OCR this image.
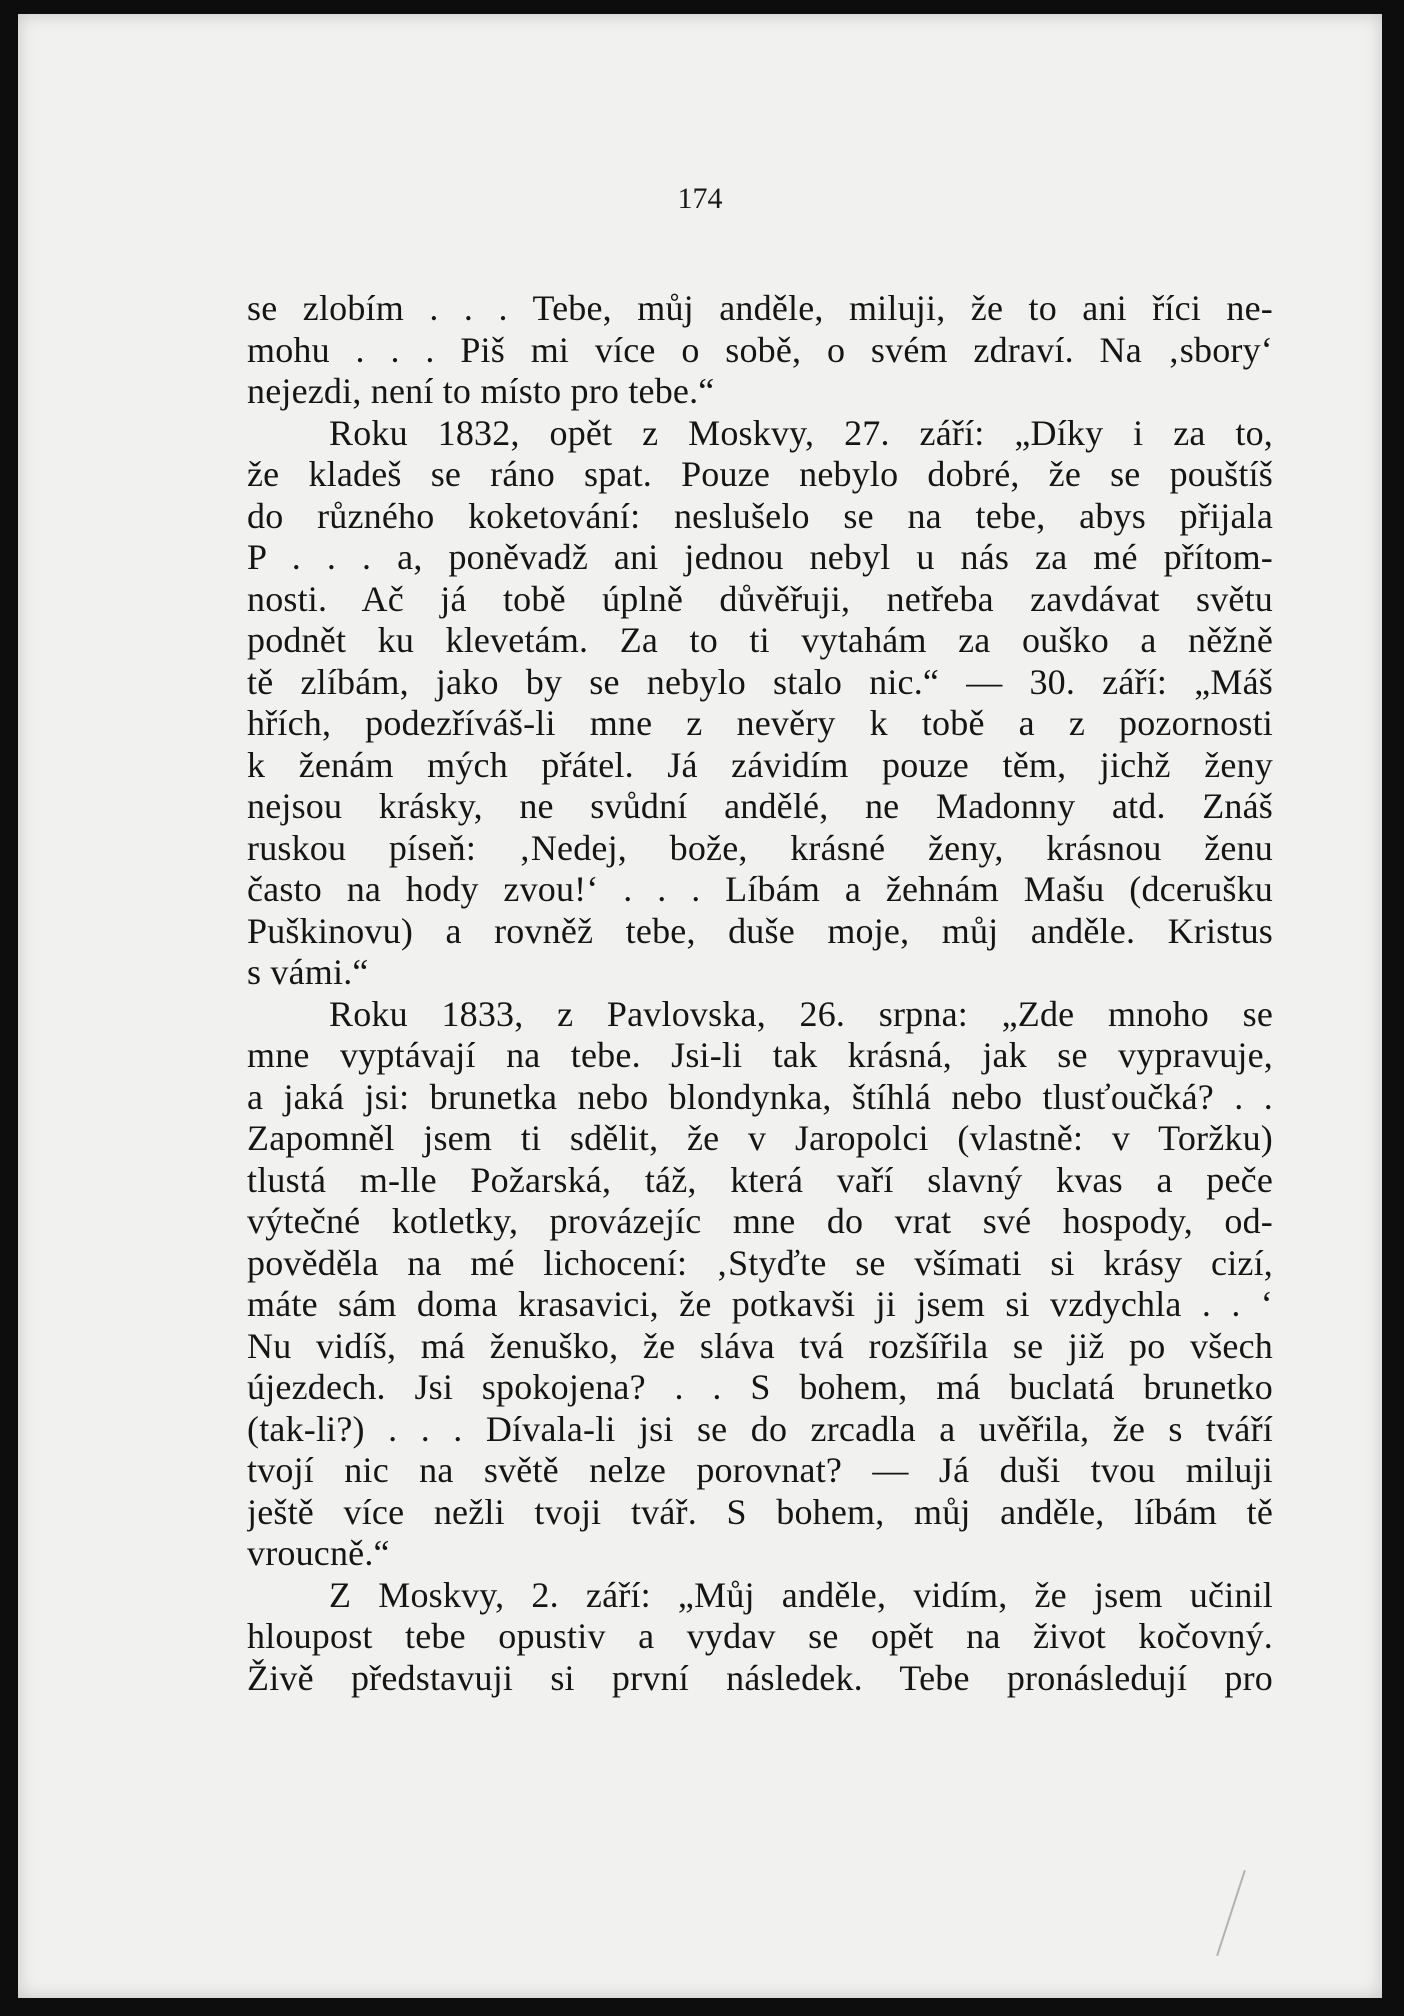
174
se zlobím . . . Tebe, můj anděle, miluji, že to ani říci ne-
mohu . . . Piš mi více o sobě, o svém zdraví. Na ‚sbory‘
nejezdi, není to místo pro tebe.“
Roku 1832, opět z Moskvy, 27. září: „Díky i za to,
že kladeš se ráno spat. Pouze nebylo dobré, že se pouštíš
do různého koketování: neslušelo se na tebe, abys přijala
P . . . a, poněvadž ani jednou nebyl u nás za mé přítom-
nosti. Ač já tobě úplně důvěřuji, netřeba zavdávat světu
podnět ku klevetám. Za to ti vytahám za ouško a něžně
tě zlíbám, jako by se nebylo stalo nic.“ — 30. září: „Máš
hřích, podezříváš-li mne z nevěry k tobě a z pozornosti
k ženám mých přátel. Já závidím pouze těm, jichž ženy
nejsou krásky, ne svůdní andělé, ne Madonny atd. Znáš
ruskou píseň: ‚Nedej, bože, krásné ženy, krásnou ženu
často na hody zvou!‘ . . . Líbám a žehnám Mašu (dcerušku
Puškinovu) a rovněž tebe, duše moje, můj anděle. Kristus
s vámi.“
Roku 1833, z Pavlovska, 26. srpna: „Zde mnoho se
mne vyptávají na tebe. Jsi-li tak krásná, jak se vypravuje,
a jaká jsi: brunetka nebo blondynka, štíhlá nebo tlusťoučká? . .
Zapomněl jsem ti sdělit, že v Jaropolci (vlastně: v Toržku)
tlustá m-lle Požarská, táž, která vaří slavný kvas a peče
výtečné kotletky, provázejíc mne do vrat své hospody, od-
pověděla na mé lichocení: ‚Styďte se všímati si krásy cizí,
máte sám doma krasavici, že potkavši ji jsem si vzdychla . . ‘
Nu vidíš, má ženuško, že sláva tvá rozšířila se již po všech
újezdech. Jsi spokojena? . . S bohem, má buclatá brunetko
(tak-li?) . . . Dívala-li jsi se do zrcadla a uvěřila, že s tváří
tvojí nic na světě nelze porovnat? — Já duši tvou miluji
ještě více nežli tvoji tvář. S bohem, můj anděle, líbám tě
vroucně.“
Z Moskvy, 2. září: „Můj anděle, vidím, že jsem učinil
hloupost tebe opustiv a vydav se opět na život kočovný.
Živě představuji si první následek. Tebe pronásledují pro
